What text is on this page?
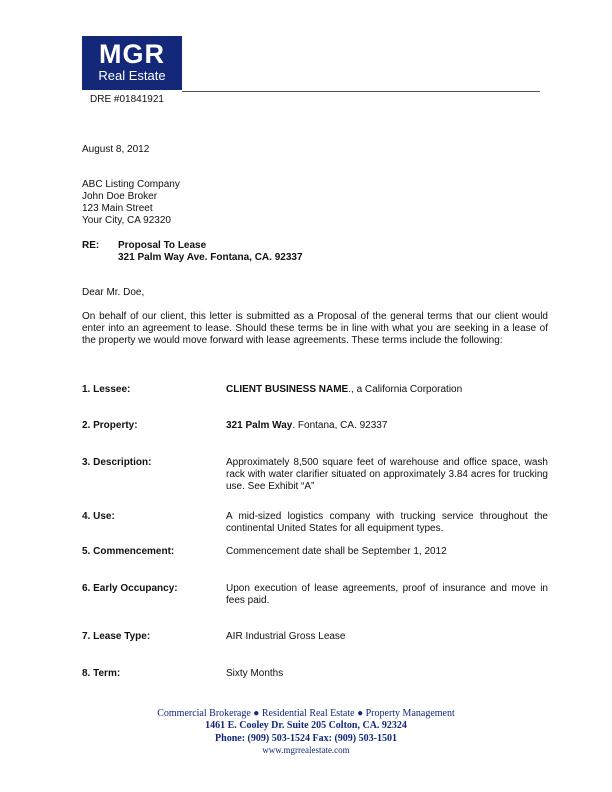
MGR
Real Estate
DRE #01841921
August 8, 2012
ABC Listing Company
John Doe Broker
123 Main Street
Your City, CA 92320
RE: Proposal To Lease
321 Palm Way Ave. Fontana, CA. 92337
Dear Mr. Doe,
On behalf of our client, this letter is submitted as a Proposal of the general terms that our client would enter into an agreement to lease. Should these terms be in line with what you are seeking in a lease of the property we would move forward with lease agreements. These terms include the following:
1. Lessee:	CLIENT BUSINESS NAME., a California Corporation
2. Property:	321 Palm Way. Fontana, CA. 92337
3. Description:	Approximately 8,500 square feet of warehouse and office space, wash rack with water clarifier situated on approximately 3.84 acres for trucking use. See Exhibit “A”
4. Use:	A mid-sized logistics company with trucking service throughout the continental United States for all equipment types.
5. Commencement:	Commencement date shall be September 1, 2012
6. Early Occupancy:	Upon execution of lease agreements, proof of insurance and move in fees paid.
7. Lease Type:	AIR Industrial Gross Lease
8. Term:	Sixty Months
Commercial Brokerage ● Residential Real Estate ● Property Management
1461 E. Cooley Dr. Suite 205 Colton, CA. 92324
Phone: (909) 503-1524 Fax: (909) 503-1501
www.mgrrealestate.com
